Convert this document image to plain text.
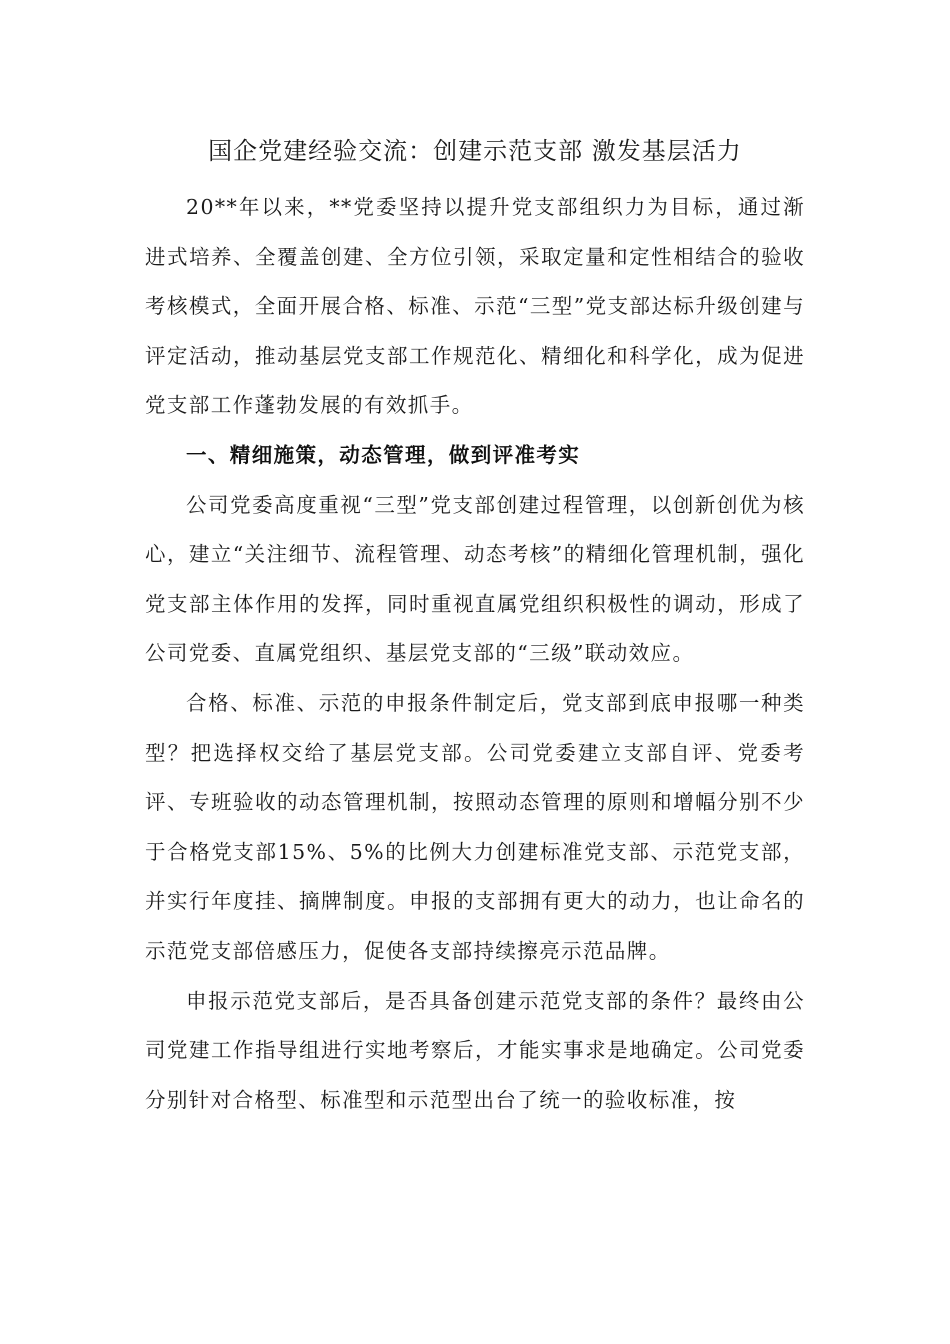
国企党建经验交流：创建示范支部 激发基层活力

20**年以来，**党委坚持以提升党支部组织力为目标，通过渐进式培养、全覆盖创建、全方位引领，采取定量和定性相结合的验收考核模式，全面开展合格、标准、示范“三型”党支部达标升级创建与评定活动，推动基层党支部工作规范化、精细化和科学化，成为促进党支部工作蓬勃发展的有效抓手。

一、精细施策，动态管理，做到评准考实

公司党委高度重视“三型”党支部创建过程管理，以创新创优为核心，建立“关注细节、流程管理、动态考核”的精细化管理机制，强化党支部主体作用的发挥，同时重视直属党组织积极性的调动，形成了公司党委、直属党组织、基层党支部的“三级”联动效应。

合格、标准、示范的申报条件制定后，党支部到底申报哪一种类型？把选择权交给了基层党支部。公司党委建立支部自评、党委考评、专班验收的动态管理机制，按照动态管理的原则和增幅分别不少于合格党支部15%、5%的比例大力创建标准党支部、示范党支部，并实行年度挂、摘牌制度。申报的支部拥有更大的动力，也让命名的示范党支部倍感压力，促使各支部持续擦亮示范品牌。

申报示范党支部后，是否具备创建示范党支部的条件？最终由公司党建工作指导组进行实地考察后，才能实事求是地确定。公司党委分别针对合格型、标准型和示范型出台了统一的验收标准，按
